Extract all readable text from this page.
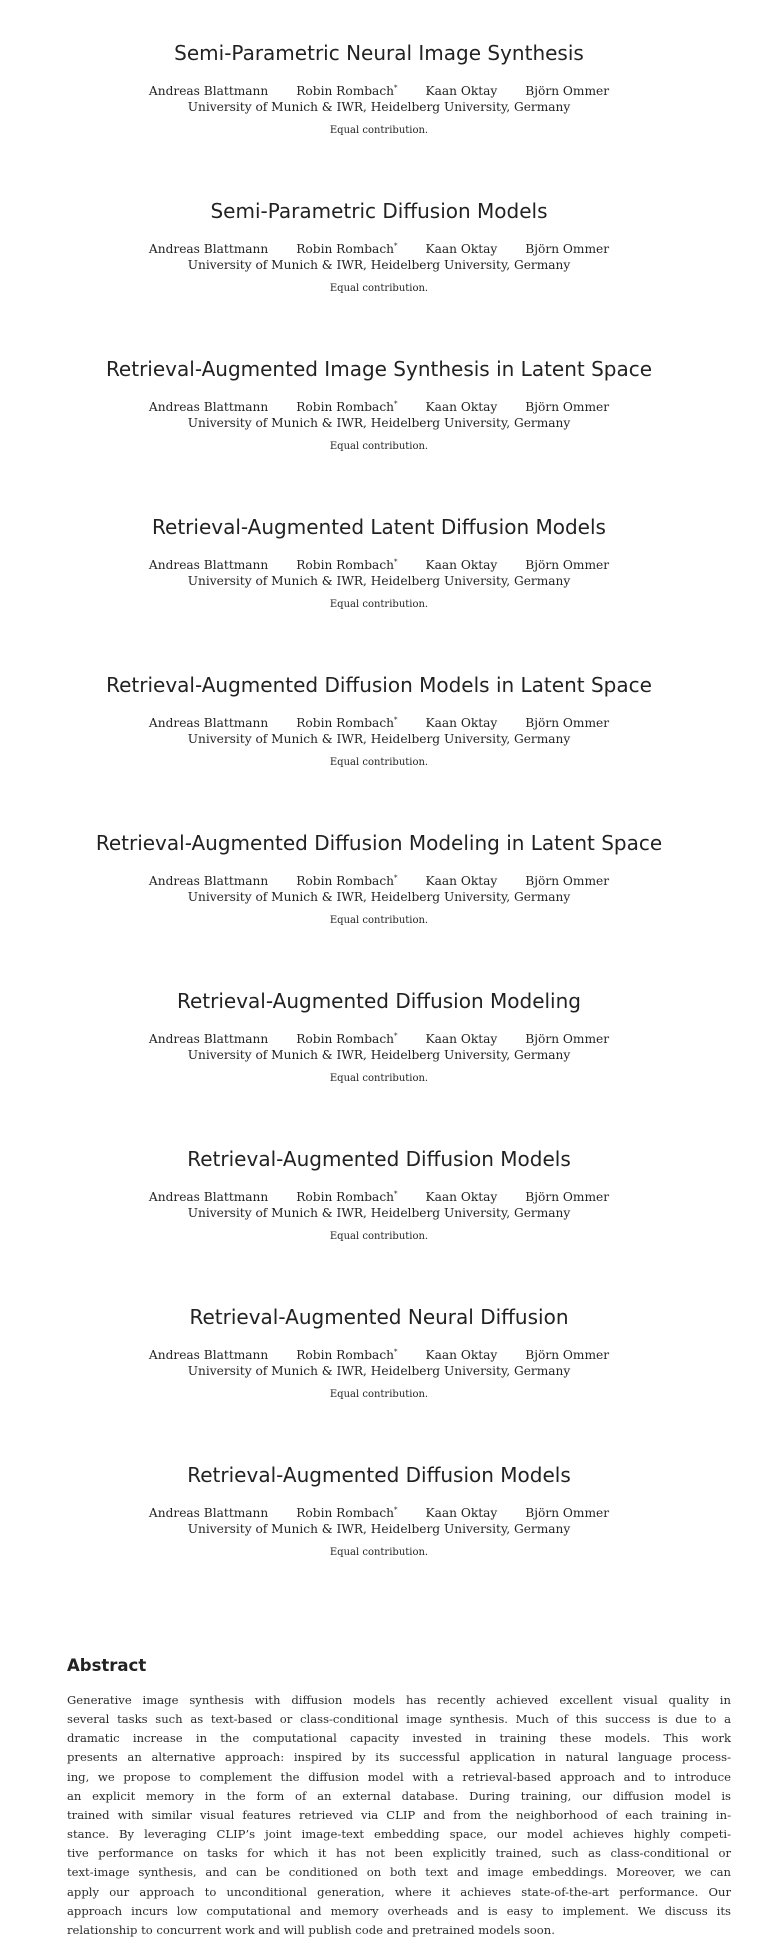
Semi-Parametric Neural Image Synthesis
Andreas Blattmann Robin Rombach* Kaan Oktay Björn Ommer
University of Munich & IWR, Heidelberg University, Germany
Equal contribution.
Semi-Parametric Diffusion Models
Andreas Blattmann Robin Rombach* Kaan Oktay Björn Ommer
University of Munich & IWR, Heidelberg University, Germany
Equal contribution.
Retrieval-Augmented Image Synthesis in Latent Space
Andreas Blattmann Robin Rombach* Kaan Oktay Björn Ommer
University of Munich & IWR, Heidelberg University, Germany
Equal contribution.
Retrieval-Augmented Latent Diffusion Models
Andreas Blattmann Robin Rombach* Kaan Oktay Björn Ommer
University of Munich & IWR, Heidelberg University, Germany
Equal contribution.
Retrieval-Augmented Diffusion Models in Latent Space
Andreas Blattmann Robin Rombach* Kaan Oktay Björn Ommer
University of Munich & IWR, Heidelberg University, Germany
Equal contribution.
Retrieval-Augmented Diffusion Modeling in Latent Space
Andreas Blattmann Robin Rombach* Kaan Oktay Björn Ommer
University of Munich & IWR, Heidelberg University, Germany
Equal contribution.
Retrieval-Augmented Diffusion Modeling
Andreas Blattmann Robin Rombach* Kaan Oktay Björn Ommer
University of Munich & IWR, Heidelberg University, Germany
Equal contribution.
Retrieval-Augmented Diffusion Models
Andreas Blattmann Robin Rombach* Kaan Oktay Björn Ommer
University of Munich & IWR, Heidelberg University, Germany
Equal contribution.
Retrieval-Augmented Neural Diffusion
Andreas Blattmann Robin Rombach* Kaan Oktay Björn Ommer
University of Munich & IWR, Heidelberg University, Germany
Equal contribution.
Retrieval-Augmented Diffusion Models
Andreas Blattmann Robin Rombach* Kaan Oktay Björn Ommer
University of Munich & IWR, Heidelberg University, Germany
Equal contribution.
Abstract

Generative image synthesis with diffusion models has recently achieved excellent visual quality in
several tasks such as text-based or class-conditional image synthesis. Much of this success is due to a
dramatic increase in the computational capacity invested in training these models. This work
presents an alternative approach: inspired by its successful application in natural language process-
ing, we propose to complement the diffusion model with a retrieval-based approach and to introduce
an explicit memory in the form of an external database. During training, our diffusion model is
trained with similar visual features retrieved via CLIP and from the neighborhood of each training in-
stance. By leveraging CLIP’s joint image-text embedding space, our model achieves highly competi-
tive performance on tasks for which it has not been explicitly trained, such as class-conditional or
text-image synthesis, and can be conditioned on both text and image embeddings. Moreover, we can
apply our approach to unconditional generation, where it achieves state-of-the-art performance. Our
approach incurs low computational and memory overheads and is easy to implement. We discuss its
relationship to concurrent work and will publish code and pretrained models soon.
